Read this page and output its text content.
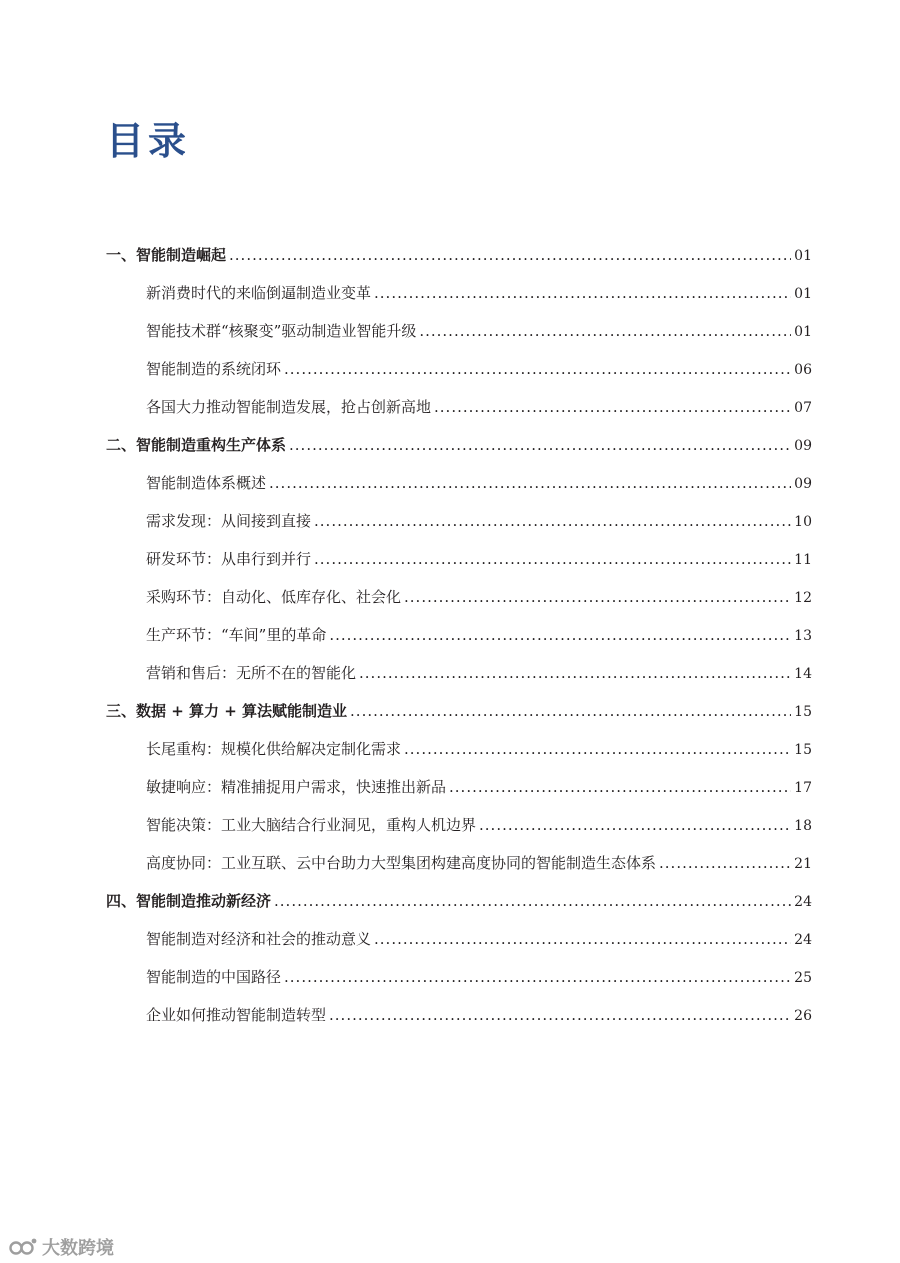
目录
一、智能制造崛起 .....	01
新消费时代的来临倒逼制造业变革 .....	01
智能技术群“核聚变”驱动制造业智能升级 .....	01
智能制造的系统闭环 .....	06
各国大力推动智能制造发展，抢占创新高地 .....	07
二、智能制造重构生产体系 .....	09
智能制造体系概述 .....	09
需求发现：从间接到直接 .....	10
研发环节：从串行到并行 .....	11
采购环节：自动化、低库存化、社会化 .....	12
生产环节：“车间”里的革命 .....	13
营销和售后：无所不在的智能化 .....	14
三、数据 + 算力 + 算法赋能制造业 .....	15
长尾重构：规模化供给解决定制化需求 .....	15
敏捷响应：精准捕捉用户需求，快速推出新品 .....	17
智能决策：工业大脑结合行业洞见，重构人机边界 .....	18
高度协同：工业互联、云中台助力大型集团构建高度协同的智能制造生态体系 .....	21
四、智能制造推动新经济 .....	24
智能制造对经济和社会的推动意义 .....	24
智能制造的中国路径 .....	25
企业如何推动智能制造转型 .....	26
大数跨境
